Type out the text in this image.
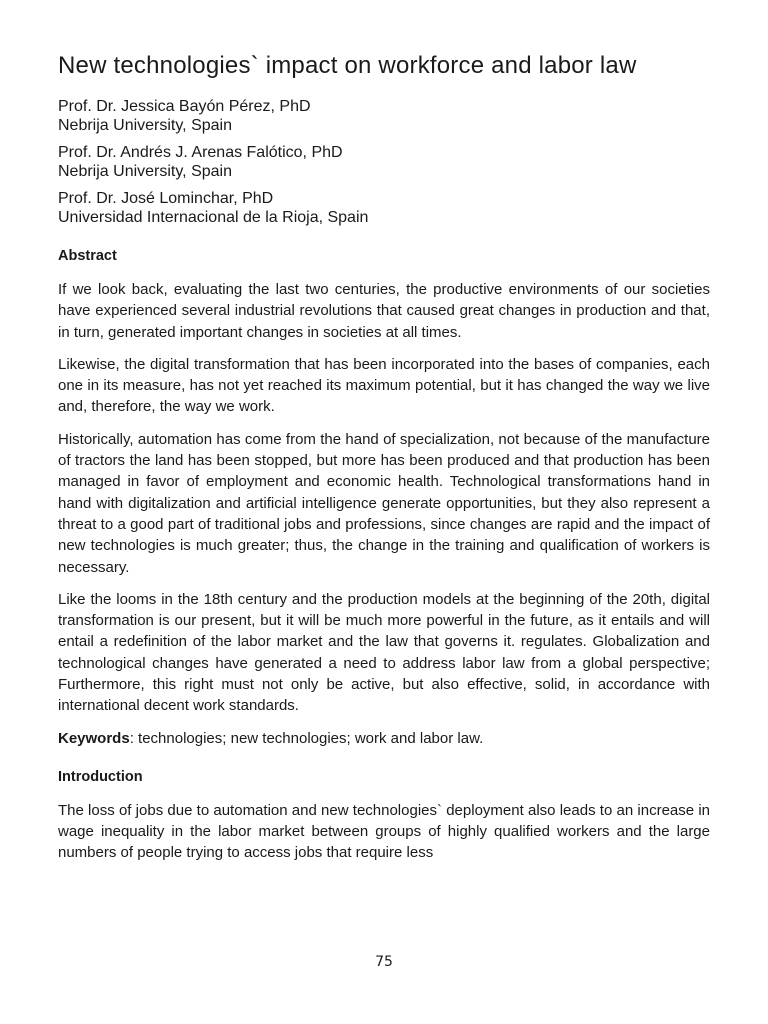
New technologies` impact on workforce and labor law
Prof. Dr. Jessica Bayón Pérez, PhD
Nebrija University, Spain
Prof. Dr. Andrés J. Arenas Falótico, PhD
Nebrija University, Spain
Prof. Dr. José Lominchar, PhD
Universidad Internacional de la Rioja, Spain
Abstract

If we look back, evaluating the last two centuries, the productive environments of our societies have experienced several industrial revolutions that caused great changes in production and that, in turn, generated important changes in societies at all times.

Likewise, the digital transformation that has been incorporated into the bases of companies, each one in its measure, has not yet reached its maximum potential, but it has changed the way we live and, therefore, the way we work.

Historically, automation has come from the hand of specialization, not because of the manufacture of tractors the land has been stopped, but more has been produced and that production has been managed in favor of employment and economic health. Technological transformations hand in hand with digitalization and artificial intelligence generate opportunities, but they also represent a threat to a good part of traditional jobs and professions, since changes are rapid and the impact of new technologies is much greater; thus, the change in the training and qualification of workers is necessary.

Like the looms in the 18th century and the production models at the beginning of the 20th, digital transformation is our present, but it will be much more powerful in the future, as it entails and will entail a redefinition of the labor market and the law that governs it. regulates. Globalization and technological changes have generated a need to address labor law from a global perspective; Furthermore, this right must not only be active, but also effective, solid, in accordance with international decent work standards.

Keywords: technologies; new technologies; work and labor law.

Introduction

The loss of jobs due to automation and new technologies` deployment also leads to an increase in wage inequality in the labor market between groups of highly qualified workers and the large numbers of people trying to access jobs that require less

75
